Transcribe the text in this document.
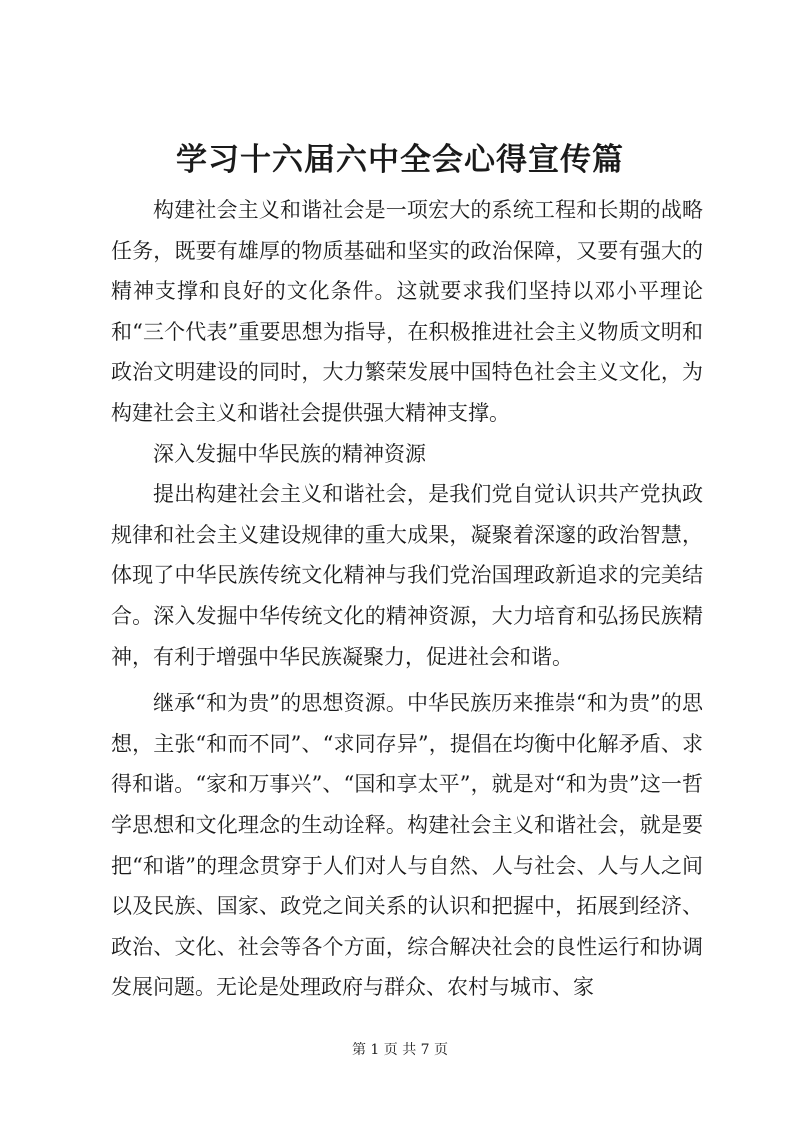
学习十六届六中全会心得宣传篇

构建社会主义和谐社会是一项宏大的系统工程和长期的战略任务，既要有雄厚的物质基础和坚实的政治保障，又要有强大的精神支撑和良好的文化条件。这就要求我们坚持以邓小平理论和“三个代表”重要思想为指导，在积极推进社会主义物质文明和政治文明建设的同时，大力繁荣发展中国特色社会主义文化，为构建社会主义和谐社会提供强大精神支撑。

深入发掘中华民族的精神资源

提出构建社会主义和谐社会，是我们党自觉认识共产党执政规律和社会主义建设规律的重大成果，凝聚着深邃的政治智慧，体现了中华民族传统文化精神与我们党治国理政新追求的完美结合。深入发掘中华传统文化的精神资源，大力培育和弘扬民族精神，有利于增强中华民族凝聚力，促进社会和谐。

继承“和为贵”的思想资源。中华民族历来推崇“和为贵”的思想，主张“和而不同”、“求同存异”，提倡在均衡中化解矛盾、求得和谐。“家和万事兴”、“国和享太平”，就是对“和为贵”这一哲学思想和文化理念的生动诠释。构建社会主义和谐社会，就是要把“和谐”的理念贯穿于人们对人与自然、人与社会、人与人之间以及民族、国家、政党之间关系的认识和把握中，拓展到经济、政治、文化、社会等各个方面，综合解决社会的良性运行和协调发展问题。无论是处理政府与群众、农村与城市、家

第 1 页 共 7 页
